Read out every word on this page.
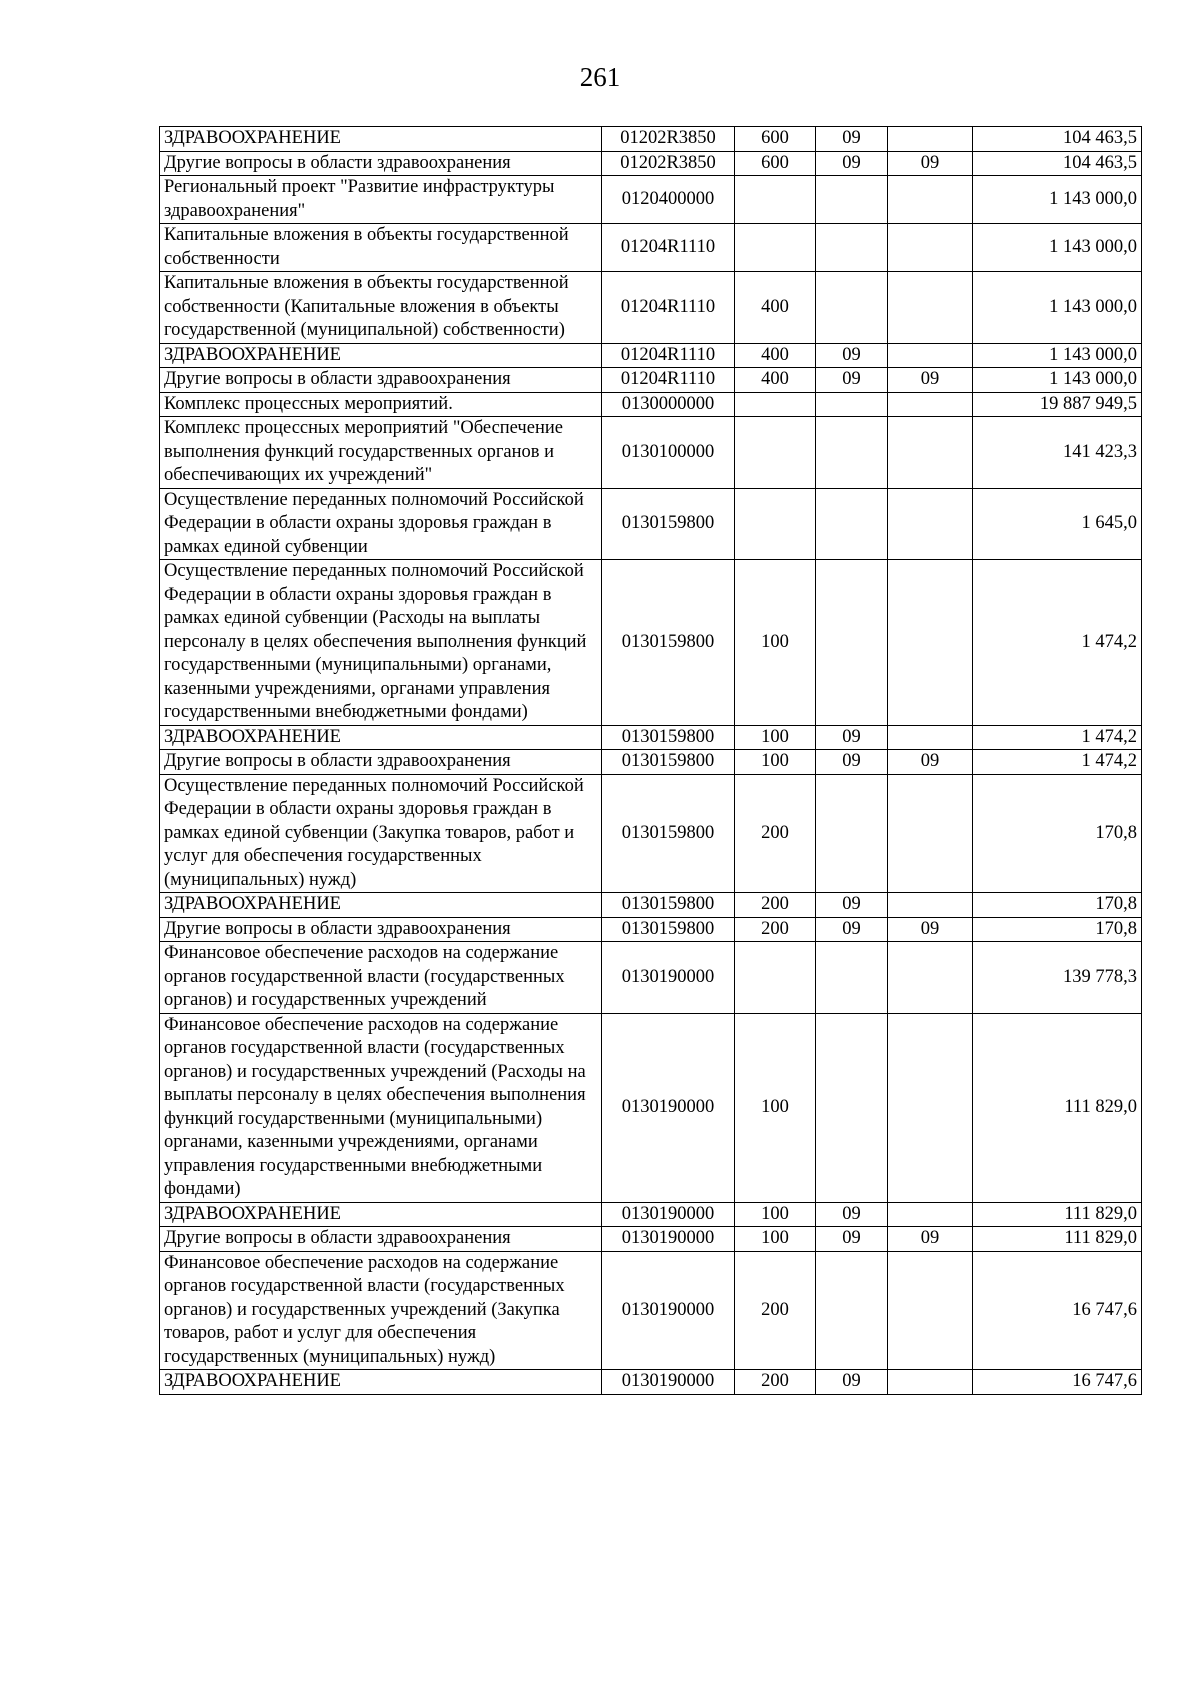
261
ЗДРАВООХРАНЕНИЕ	01202R3850	600	09		104 463,5
Другие вопросы в области здравоохранения	01202R3850	600	09	09	104 463,5
Региональный проект "Развитие инфраструктуры здравоохранения"	0120400000				1 143 000,0
Капитальные вложения в объекты государственной собственности	01204R1110				1 143 000,0
Капитальные вложения в объекты государственной собственности (Капитальные вложения в объекты государственной (муниципальной) собственности)	01204R1110	400			1 143 000,0
ЗДРАВООХРАНЕНИЕ	01204R1110	400	09		1 143 000,0
Другие вопросы в области здравоохранения	01204R1110	400	09	09	1 143 000,0
Комплекс процессных мероприятий.	0130000000				19 887 949,5
Комплекс процессных мероприятий "Обеспечение выполнения функций государственных органов и обеспечивающих их учреждений"	0130100000				141 423,3
Осуществление переданных полномочий Российской Федерации в области охраны здоровья граждан в рамках единой субвенции	0130159800				1 645,0
Осуществление переданных полномочий Российской Федерации в области охраны здоровья граждан в рамках единой субвенции (Расходы на выплаты персоналу в целях обеспечения выполнения функций государственными (муниципальными) органами, казенными учреждениями, органами управления государственными внебюджетными фондами)	0130159800	100			1 474,2
ЗДРАВООХРАНЕНИЕ	0130159800	100	09		1 474,2
Другие вопросы в области здравоохранения	0130159800	100	09	09	1 474,2
Осуществление переданных полномочий Российской Федерации в области охраны здоровья граждан в рамках единой субвенции (Закупка товаров, работ и услуг для обеспечения государственных (муниципальных) нужд)	0130159800	200			170,8
ЗДРАВООХРАНЕНИЕ	0130159800	200	09		170,8
Другие вопросы в области здравоохранения	0130159800	200	09	09	170,8
Финансовое обеспечение расходов на содержание органов государственной власти (государственных органов) и государственных учреждений	0130190000				139 778,3
Финансовое обеспечение расходов на содержание органов государственной власти (государственных органов) и государственных учреждений (Расходы на выплаты персоналу в целях обеспечения выполнения функций государственными (муниципальными) органами, казенными учреждениями, органами управления государственными внебюджетными фондами)	0130190000	100			111 829,0
ЗДРАВООХРАНЕНИЕ	0130190000	100	09		111 829,0
Другие вопросы в области здравоохранения	0130190000	100	09	09	111 829,0
Финансовое обеспечение расходов на содержание органов государственной власти (государственных органов) и государственных учреждений (Закупка товаров, работ и услуг для обеспечения государственных (муниципальных) нужд)	0130190000	200			16 747,6
ЗДРАВООХРАНЕНИЕ	0130190000	200	09		16 747,6
